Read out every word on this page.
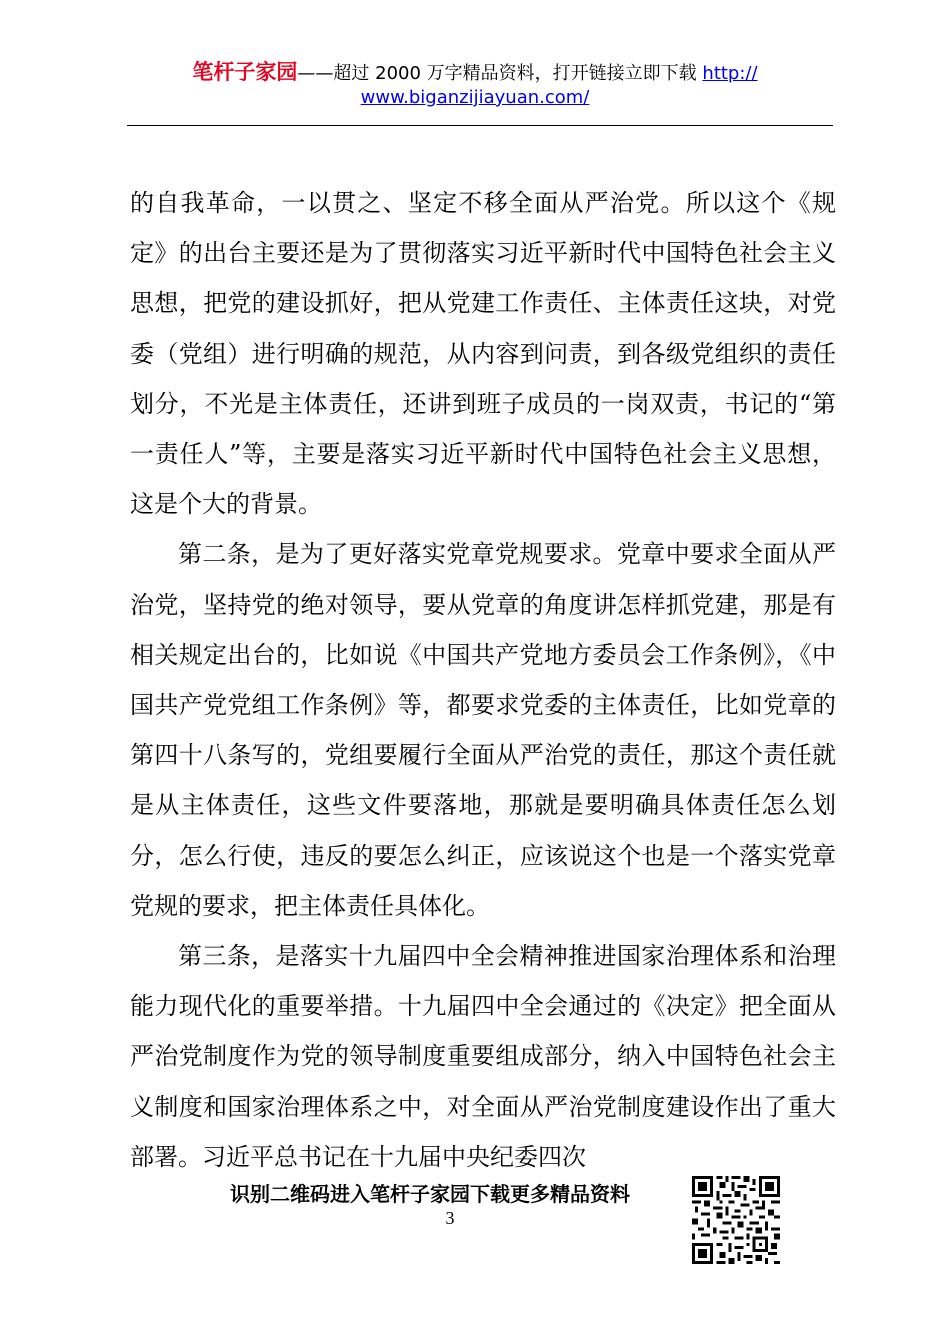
笔杆子家园——超过 2000 万字精品资料，打开链接立即下载 http://
www.biganzijiayuan.com/

的自我革命，一以贯之、坚定不移全面从严治党。所以这个《规定》的出台主要还是为了贯彻落实习近平新时代中国特色社会主义思想，把党的建设抓好，把从党建工作责任、主体责任这块，对党委（党组）进行明确的规范，从内容到问责，到各级党组织的责任划分，不光是主体责任，还讲到班子成员的一岗双责，书记的“第一责任人”等，主要是落实习近平新时代中国特色社会主义思想，这是个大的背景。

第二条，是为了更好落实党章党规要求。党章中要求全面从严治党，坚持党的绝对领导，要从党章的角度讲怎样抓党建，那是有相关规定出台的，比如说《中国共产党地方委员会工作条例》，《中国共产党党组工作条例》等，都要求党委的主体责任，比如党章的第四十八条写的，党组要履行全面从严治党的责任，那这个责任就是从主体责任，这些文件要落地，那就是要明确具体责任怎么划分，怎么行使，违反的要怎么纠正，应该说这个也是一个落实党章党规的要求，把主体责任具体化。

第三条，是落实十九届四中全会精神推进国家治理体系和治理能力现代化的重要举措。十九届四中全会通过的《决定》把全面从严治党制度作为党的领导制度重要组成部分，纳入中国特色社会主义制度和国家治理体系之中，对全面从严治党制度建设作出了重大部署。习近平总书记在十九届中央纪委四次

识别二维码进入笔杆子家园下载更多精品资料
3
